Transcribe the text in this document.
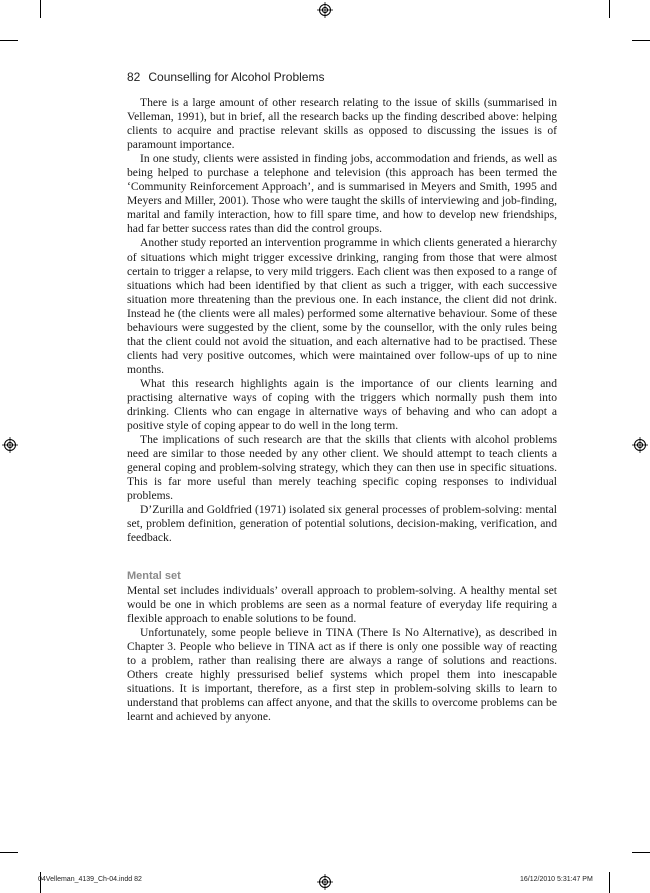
82 Counselling for Alcohol Problems

There is a large amount of other research relating to the issue of skills (summarised in Velleman, 1991), but in brief, all the research backs up the finding described above: helping clients to acquire and practise relevant skills as opposed to discussing the issues is of paramount importance.

In one study, clients were assisted in finding jobs, accommodation and friends, as well as being helped to purchase a telephone and television (this approach has been termed the ‘Community Reinforcement Approach’, and is summarised in Meyers and Smith, 1995 and Meyers and Miller, 2001). Those who were taught the skills of interviewing and job-finding, marital and family interaction, how to fill spare time, and how to develop new friendships, had far better success rates than did the control groups.

Another study reported an intervention programme in which clients generated a hierarchy of situations which might trigger excessive drinking, ranging from those that were almost certain to trigger a relapse, to very mild triggers. Each client was then exposed to a range of situations which had been identified by that client as such a trigger, with each successive situation more threatening than the previous one. In each instance, the client did not drink. Instead he (the clients were all males) performed some alternative behaviour. Some of these behaviours were suggested by the client, some by the counsellor, with the only rules being that the client could not avoid the situation, and each alternative had to be practised. These clients had very positive outcomes, which were maintained over follow-ups of up to nine months.

What this research highlights again is the importance of our clients learning and practising alternative ways of coping with the triggers which normally push them into drinking. Clients who can engage in alternative ways of behaving and who can adopt a positive style of coping appear to do well in the long term.

The implications of such research are that the skills that clients with alcohol problems need are similar to those needed by any other client. We should attempt to teach clients a general coping and problem-solving strategy, which they can then use in specific situations. This is far more useful than merely teaching specific coping responses to individual problems.

D’Zurilla and Goldfried (1971) isolated six general processes of problem-solving: mental set, problem definition, generation of potential solutions, decision-making, verification, and feedback.

Mental set

Mental set includes individuals’ overall approach to problem-solving. A healthy mental set would be one in which problems are seen as a normal feature of everyday life requiring a flexible approach to enable solutions to be found.

Unfortunately, some people believe in TINA (There Is No Alternative), as described in Chapter 3. People who believe in TINA act as if there is only one possible way of reacting to a problem, rather than realising there are always a range of solutions and reactions. Others create highly pressurised belief systems which propel them into inescapable situations. It is important, therefore, as a first step in problem-solving skills to learn to understand that problems can affect anyone, and that the skills to overcome problems can be learnt and achieved by anyone.

04Velleman_4139_Ch-04.indd 82	16/12/2010 5:31:47 PM
